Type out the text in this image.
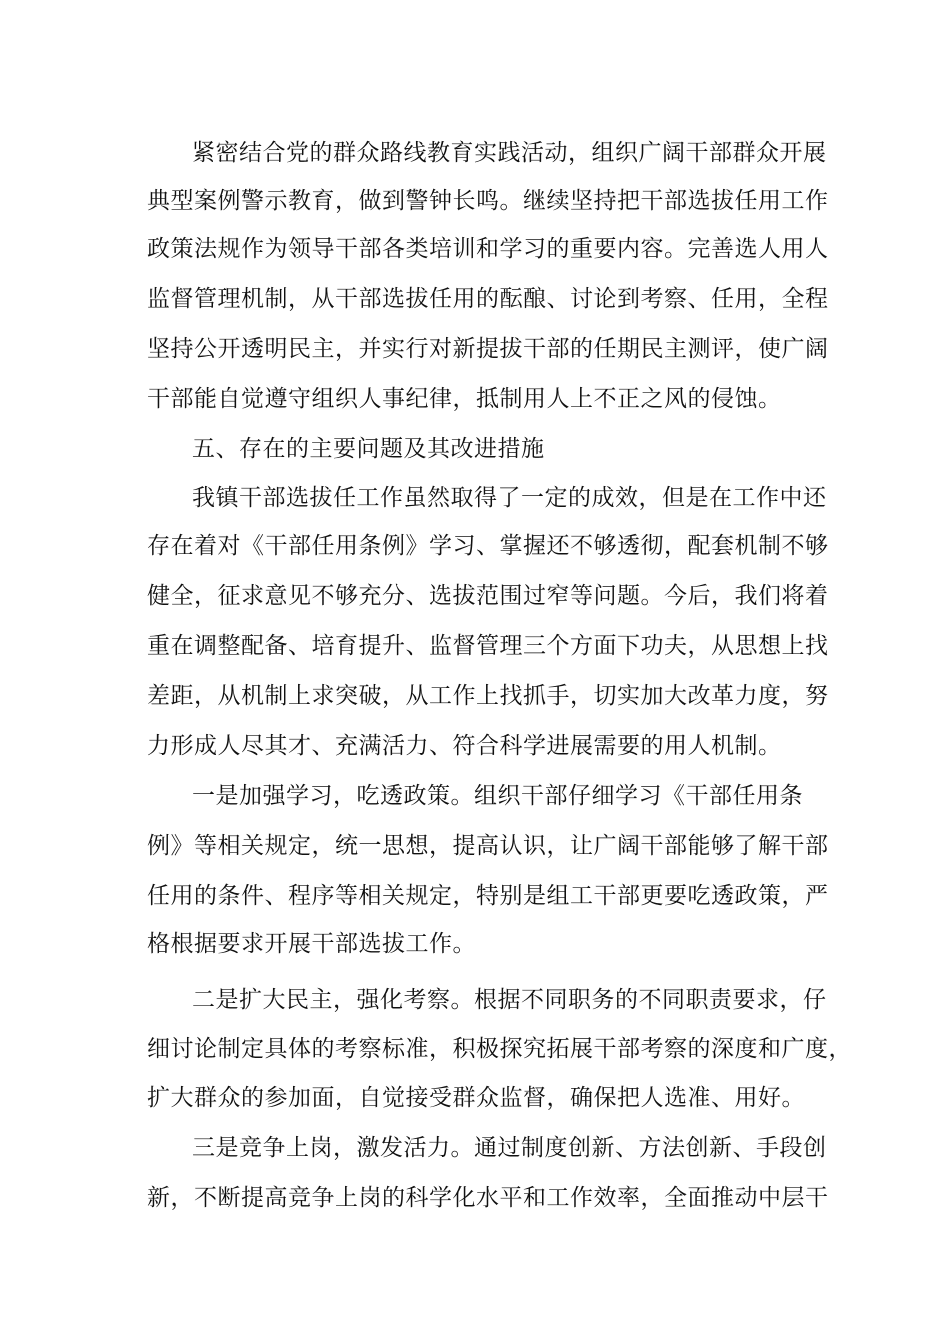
紧密结合党的群众路线教育实践活动，组织广阔干部群众开展
典型案例警示教育，做到警钟长鸣。继续坚持把干部选拔任用工作
政策法规作为领导干部各类培训和学习的重要内容。完善选人用人
监督管理机制，从干部选拔任用的酝酿、讨论到考察、任用，全程
坚持公开透明民主，并实行对新提拔干部的任期民主测评，使广阔
干部能自觉遵守组织人事纪律，抵制用人上不正之风的侵蚀。
五、存在的主要问题及其改进措施
我镇干部选拔任工作虽然取得了一定的成效，但是在工作中还
存在着对《干部任用条例》学习、掌握还不够透彻，配套机制不够
健全，征求意见不够充分、选拔范围过窄等问题。今后，我们将着
重在调整配备、培育提升、监督管理三个方面下功夫，从思想上找
差距，从机制上求突破，从工作上找抓手，切实加大改革力度，努
力形成人尽其才、充满活力、符合科学进展需要的用人机制。
一是加强学习，吃透政策。组织干部仔细学习《干部任用条
例》等相关规定，统一思想，提高认识，让广阔干部能够了解干部
任用的条件、程序等相关规定，特别是组工干部更要吃透政策，严
格根据要求开展干部选拔工作。
二是扩大民主，强化考察。根据不同职务的不同职责要求，仔
细讨论制定具体的考察标准，积极探究拓展干部考察的深度和广度，
扩大群众的参加面，自觉接受群众监督，确保把人选准、用好。
三是竞争上岗，激发活力。通过制度创新、方法创新、手段创
新，不断提高竞争上岗的科学化水平和工作效率，全面推动中层干
